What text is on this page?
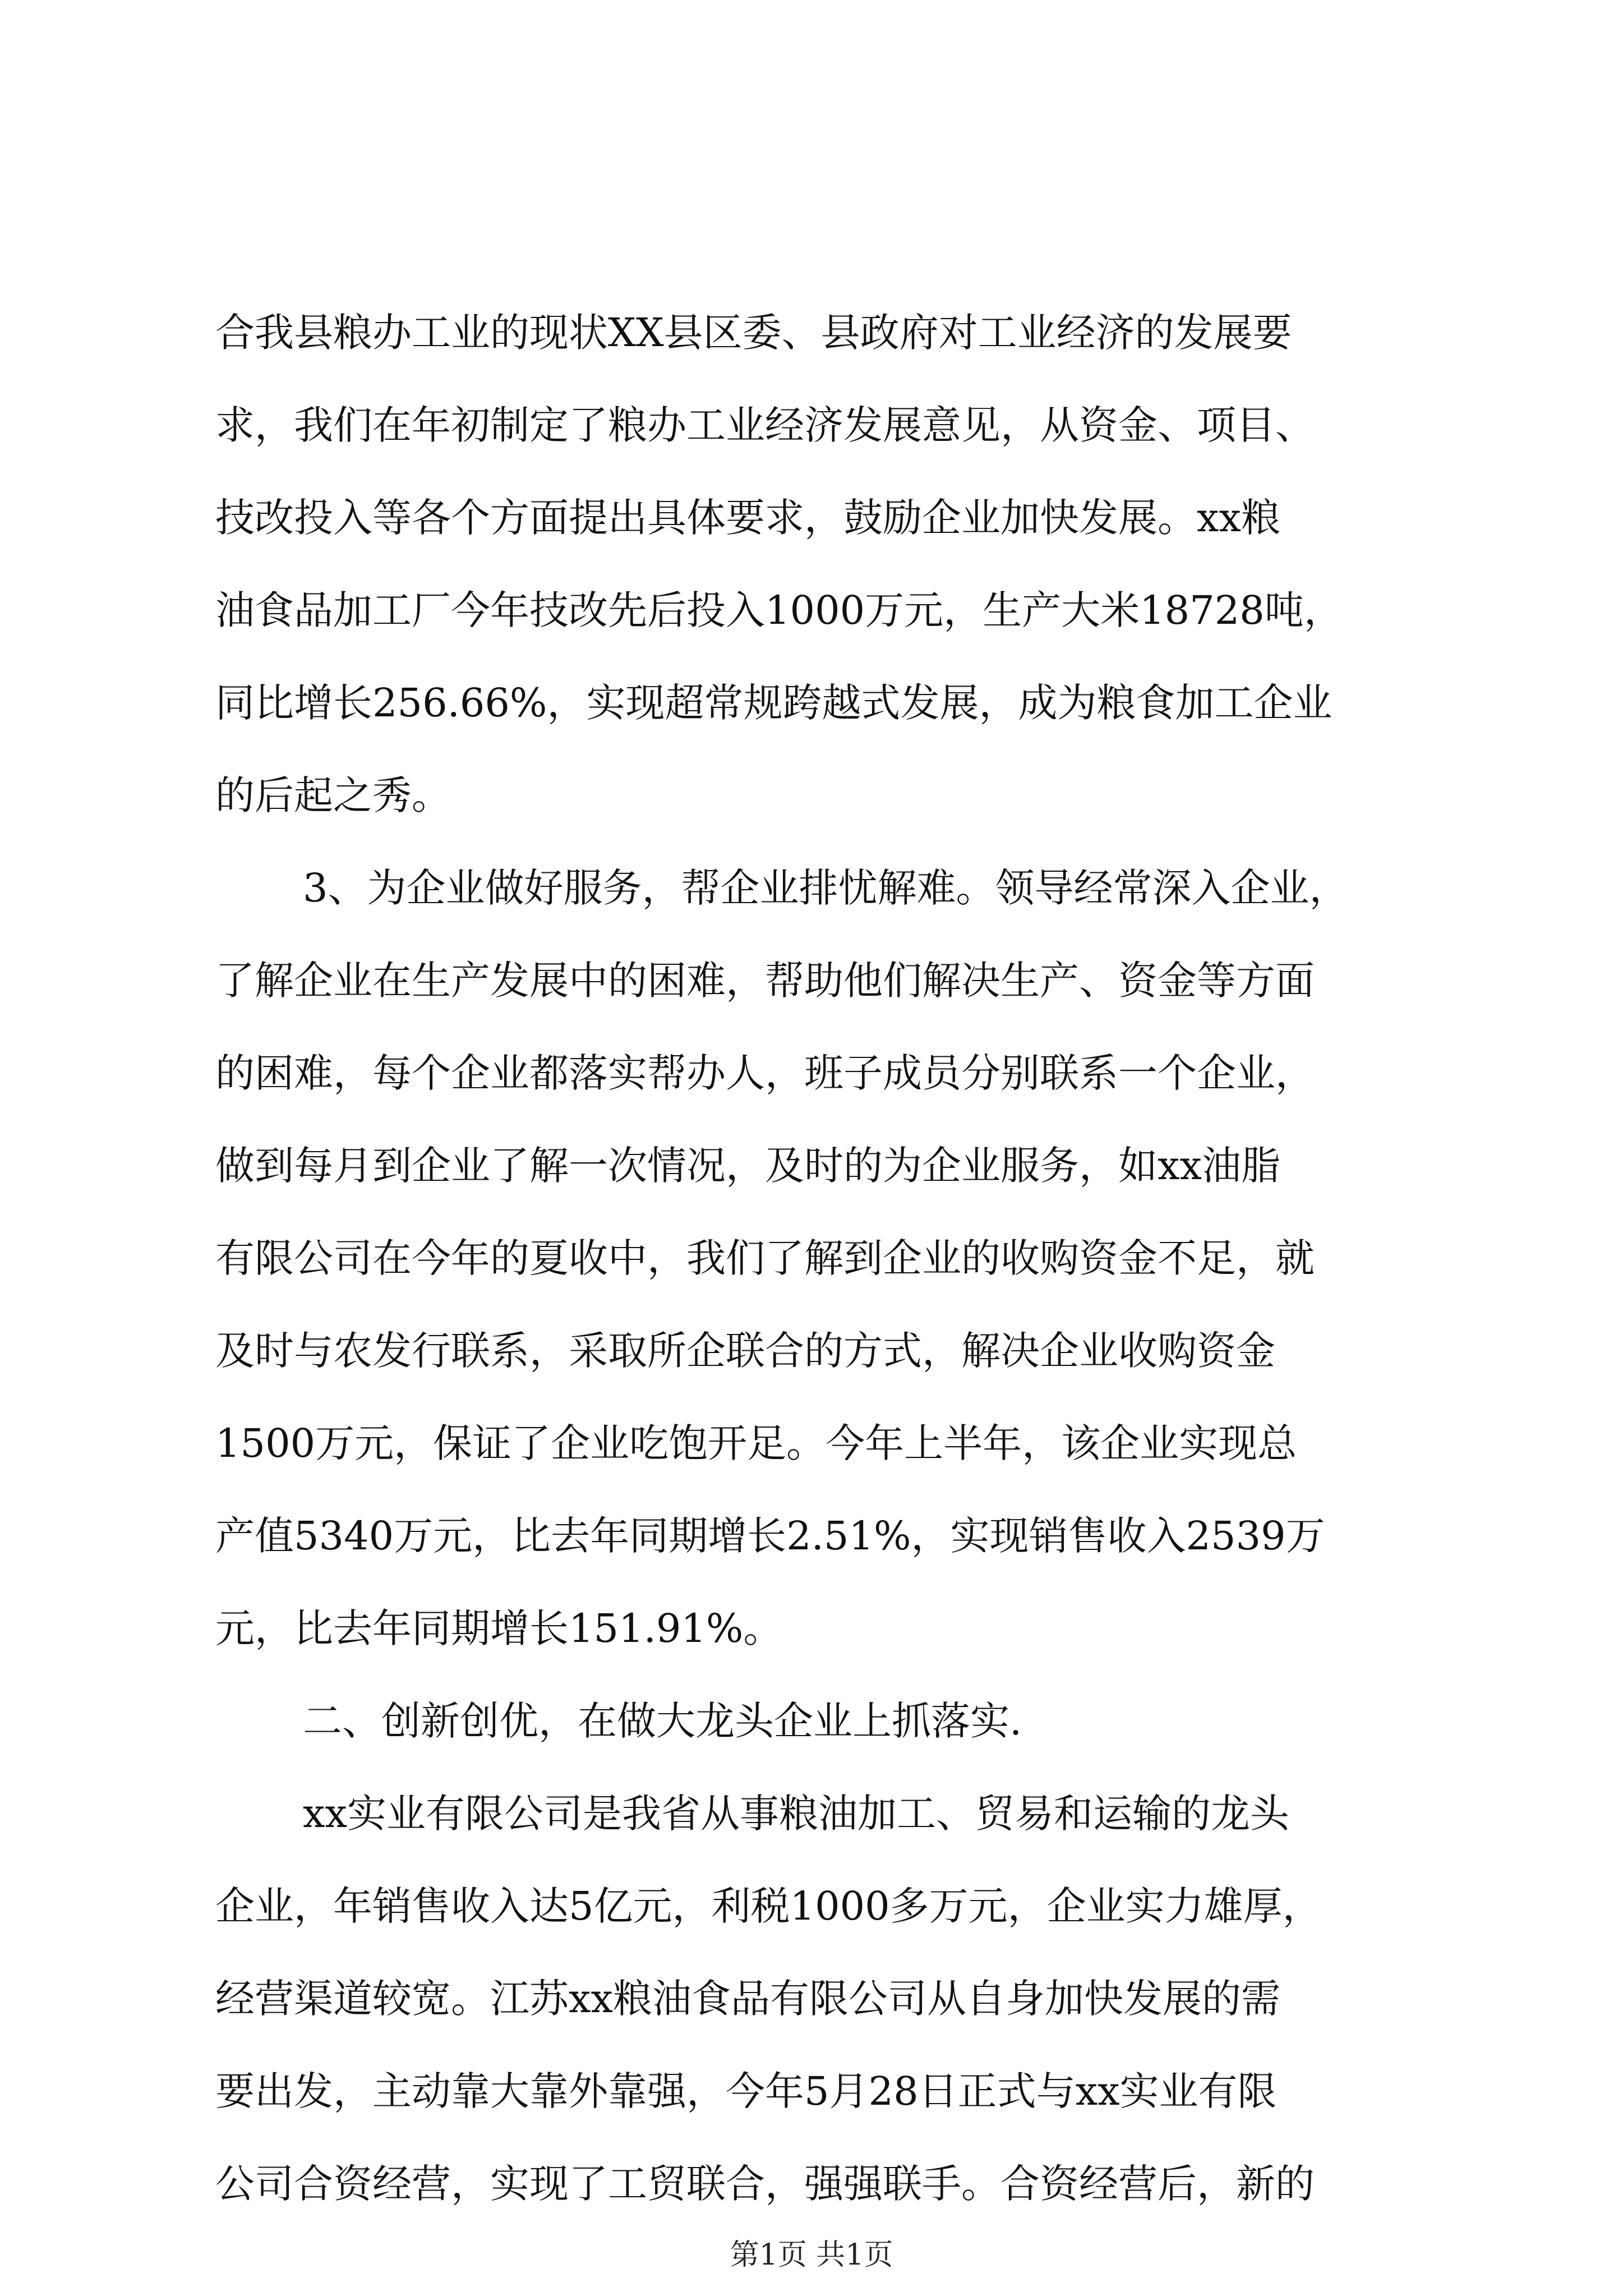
合我县粮办工业的现状XX县区委、县政府对工业经济的发展要
求，我们在年初制定了粮办工业经济发展意见，从资金、项目、
技改投入等各个方面提出具体要求，鼓励企业加快发展。xx粮
油食品加工厂今年技改先后投入1000万元，生产大米18728吨，
同比增长256.66%，实现超常规跨越式发展，成为粮食加工企业
的后起之秀。
3、为企业做好服务，帮企业排忧解难。领导经常深入企业，
了解企业在生产发展中的困难，帮助他们解决生产、资金等方面
的困难，每个企业都落实帮办人，班子成员分别联系一个企业，
做到每月到企业了解一次情况，及时的为企业服务，如xx油脂
有限公司在今年的夏收中，我们了解到企业的收购资金不足，就
及时与农发行联系，采取所企联合的方式，解决企业收购资金
1500万元，保证了企业吃饱开足。今年上半年，该企业实现总
产值5340万元，比去年同期增长2.51%，实现销售收入2539万
元，比去年同期增长151.91%。
二、创新创优，在做大龙头企业上抓落实.
xx实业有限公司是我省从事粮油加工、贸易和运输的龙头
企业，年销售收入达5亿元，利税1000多万元，企业实力雄厚，
经营渠道较宽。江苏xx粮油食品有限公司从自身加快发展的需
要出发，主动靠大靠外靠强，今年5月28日正式与xx实业有限
公司合资经营，实现了工贸联合，强强联手。合资经营后，新的
第1页 共1页
